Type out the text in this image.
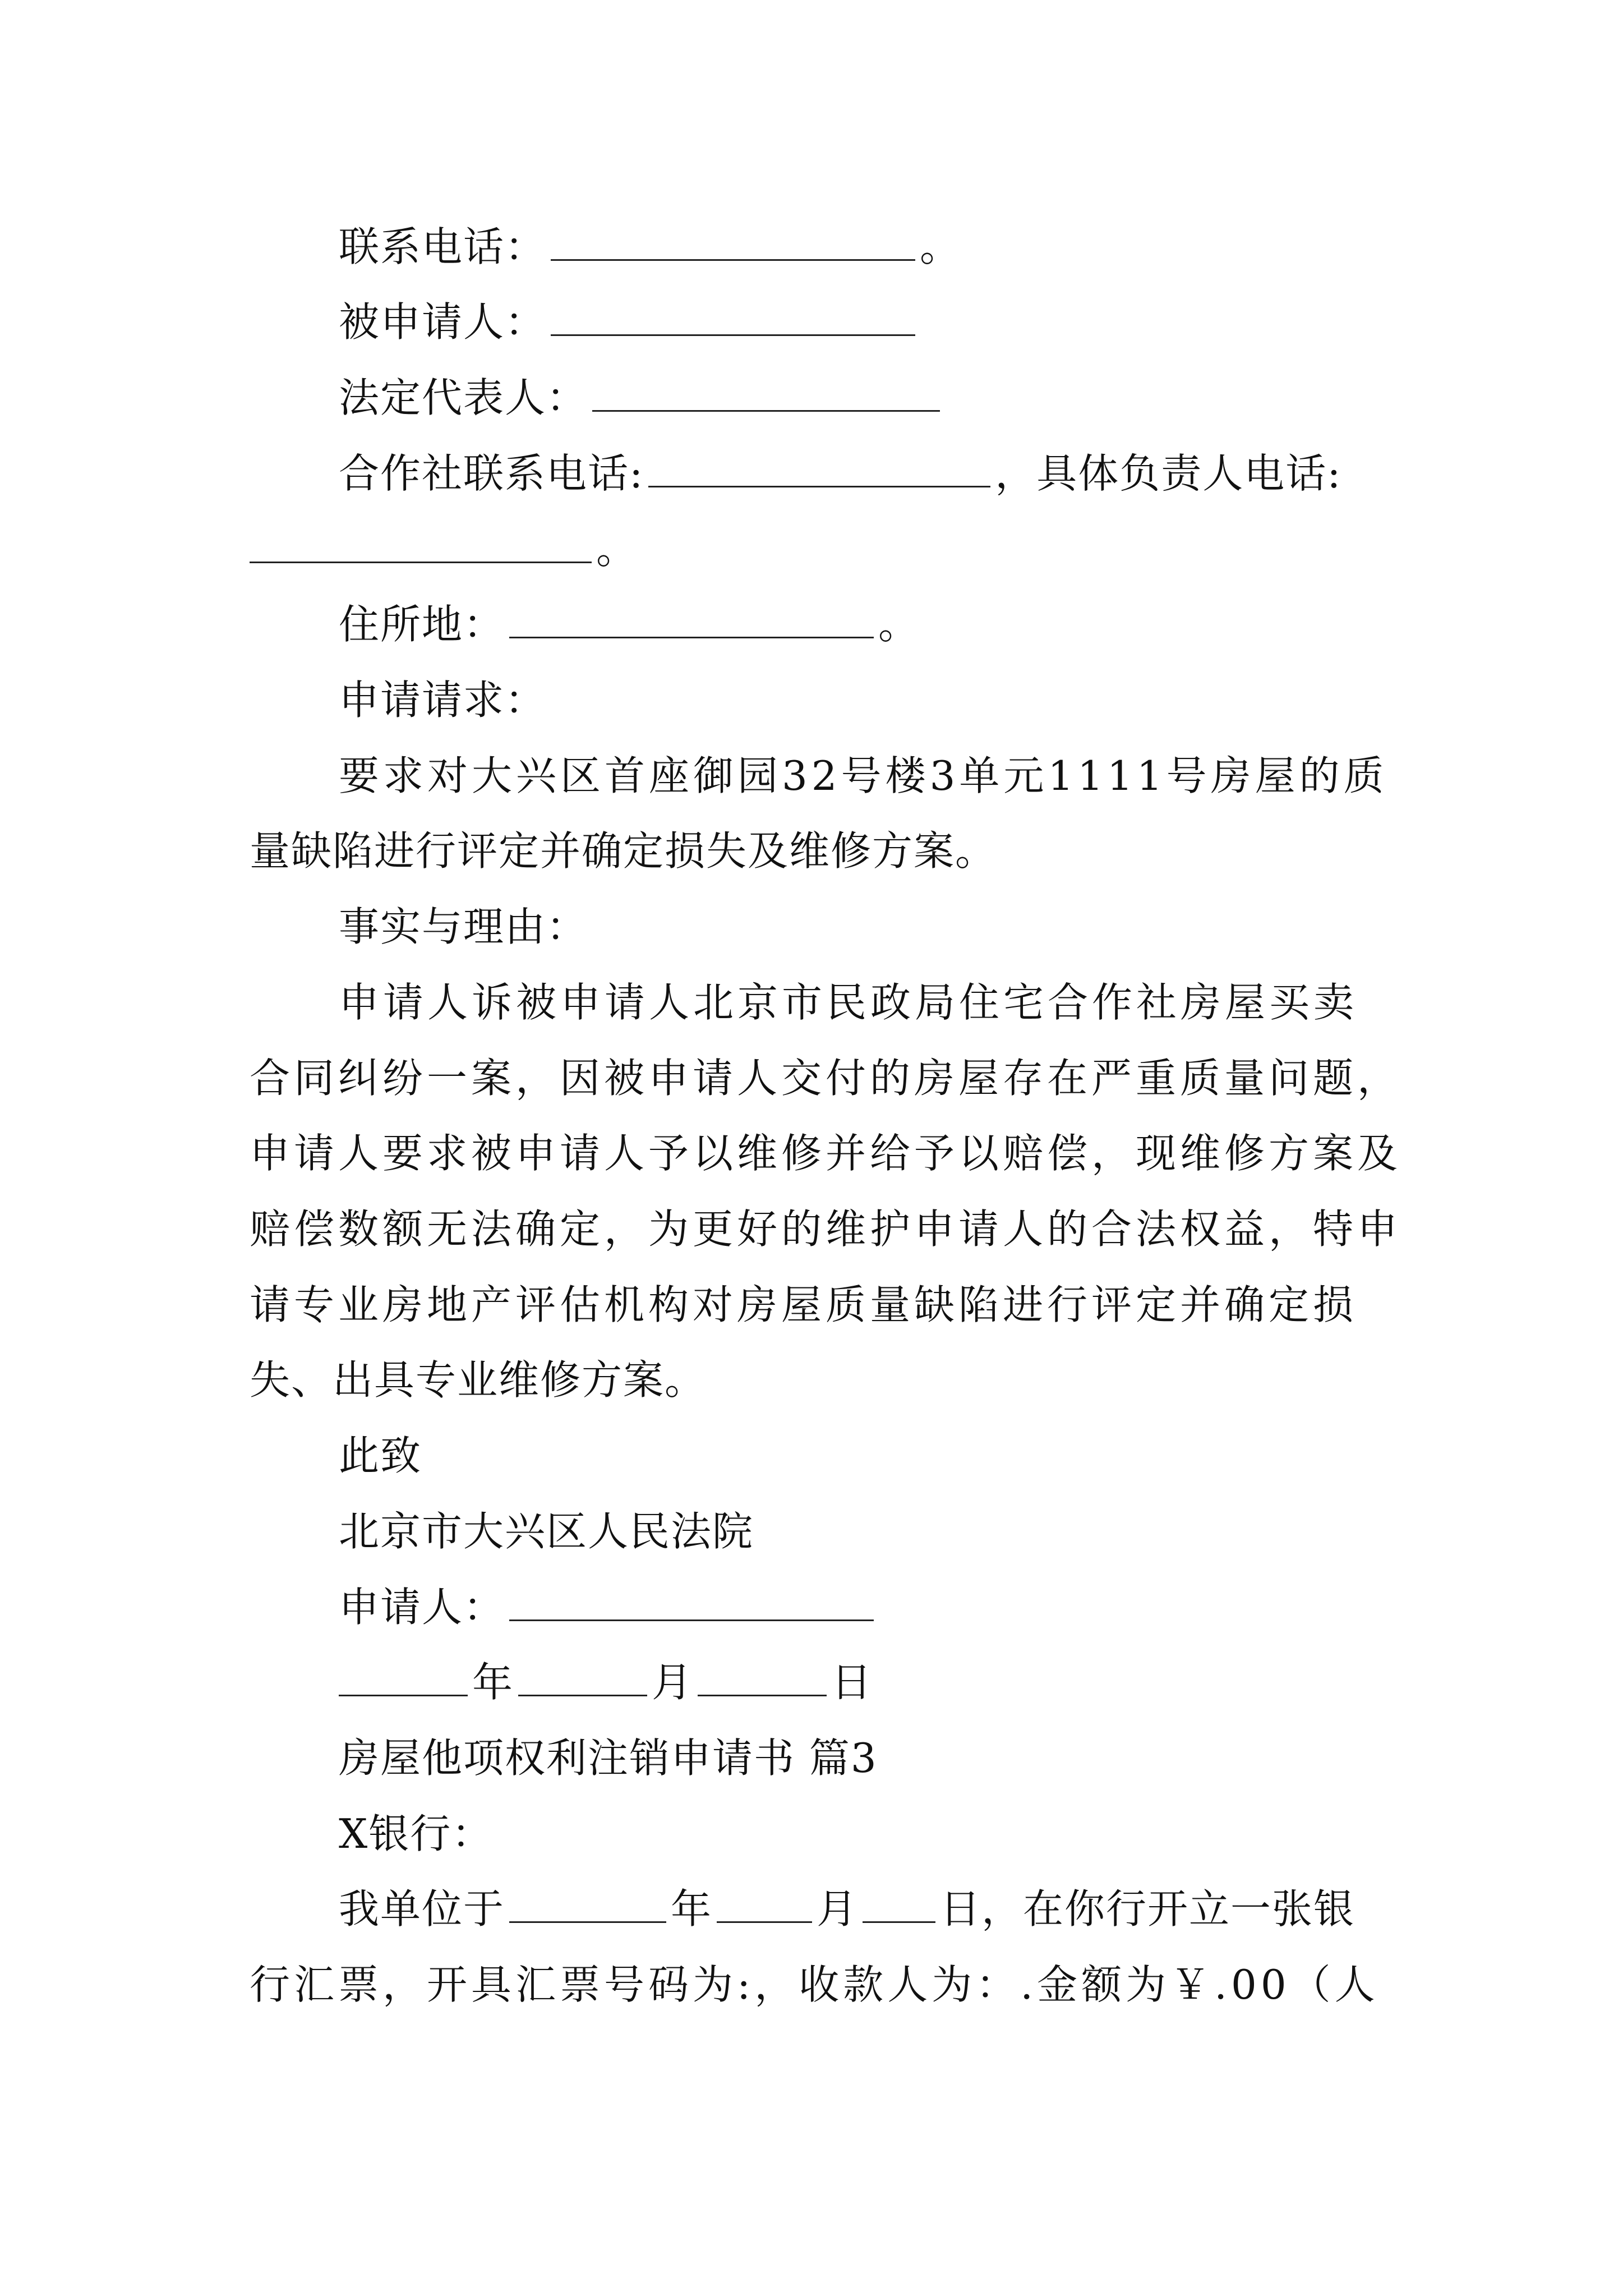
联系电话：	。
被申请人：
法定代表人：
合作社联系电话:	，具体负责人电话:
。
住所地：	。
申请请求：
要求对大兴区首座御园32号楼3单元1111号房屋的质
量缺陷进行评定并确定损失及维修方案。
事实与理由：
申请人诉被申请人北京市民政局住宅合作社房屋买卖
合同纠纷一案，因被申请人交付的房屋存在严重质量问题，
申请人要求被申请人予以维修并给予以赔偿，现维修方案及
赔偿数额无法确定，为更好的维护申请人的合法权益，特申
请专业房地产评估机构对房屋质量缺陷进行评定并确定损
失、出具专业维修方案。
此致
北京市大兴区人民法院
申请人：
年	月	日
房屋他项权利注销申请书 篇3
X银行：
我单位于	年	月 日，在你行开立一张银
行汇票，开具汇票号码为:，收款人为：.金额为￥.00（人
